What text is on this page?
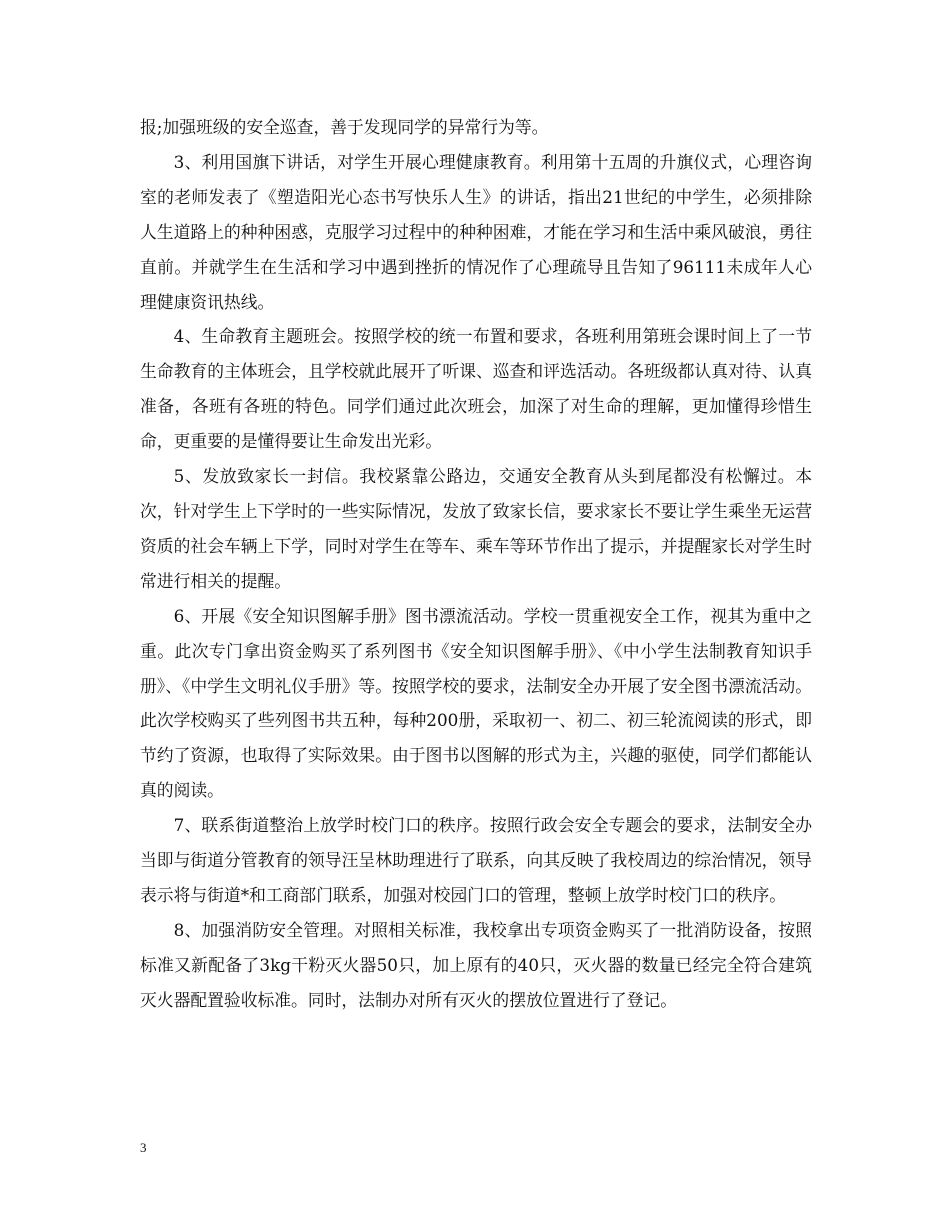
报;加强班级的安全巡查，善于发现同学的异常行为等。

3、利用国旗下讲话，对学生开展心理健康教育。利用第十五周的升旗仪式，心理咨询室的老师发表了《塑造阳光心态书写快乐人生》的讲话，指出21世纪的中学生，必须排除人生道路上的种种困惑，克服学习过程中的种种困难，才能在学习和生活中乘风破浪，勇往直前。并就学生在生活和学习中遇到挫折的情况作了心理疏导且告知了96111未成年人心理健康资讯热线。

4、生命教育主题班会。按照学校的统一布置和要求，各班利用第班会课时间上了一节生命教育的主体班会，且学校就此展开了听课、巡查和评选活动。各班级都认真对待、认真准备，各班有各班的特色。同学们通过此次班会，加深了对生命的理解，更加懂得珍惜生命，更重要的是懂得要让生命发出光彩。

5、发放致家长一封信。我校紧靠公路边，交通安全教育从头到尾都没有松懈过。本次，针对学生上下学时的一些实际情况，发放了致家长信，要求家长不要让学生乘坐无运营资质的社会车辆上下学，同时对学生在等车、乘车等环节作出了提示，并提醒家长对学生时常进行相关的提醒。

6、开展《安全知识图解手册》图书漂流活动。学校一贯重视安全工作，视其为重中之重。此次专门拿出资金购买了系列图书《安全知识图解手册》、《中小学生法制教育知识手册》、《中学生文明礼仪手册》等。按照学校的要求，法制安全办开展了安全图书漂流活动。此次学校购买了些列图书共五种，每种200册，采取初一、初二、初三轮流阅读的形式，即节约了资源，也取得了实际效果。由于图书以图解的形式为主，兴趣的驱使，同学们都能认真的阅读。

7、联系街道整治上放学时校门口的秩序。按照行政会安全专题会的要求，法制安全办当即与街道分管教育的领导汪呈林助理进行了联系，向其反映了我校周边的综治情况，领导表示将与街道*和工商部门联系，加强对校园门口的管理，整顿上放学时校门口的秩序。

8、加强消防安全管理。对照相关标准，我校拿出专项资金购买了一批消防设备，按照标准又新配备了3kg干粉灭火器50只，加上原有的40只，灭火器的数量已经完全符合建筑灭火器配置验收标准。同时，法制办对所有灭火的摆放位置进行了登记。

3
